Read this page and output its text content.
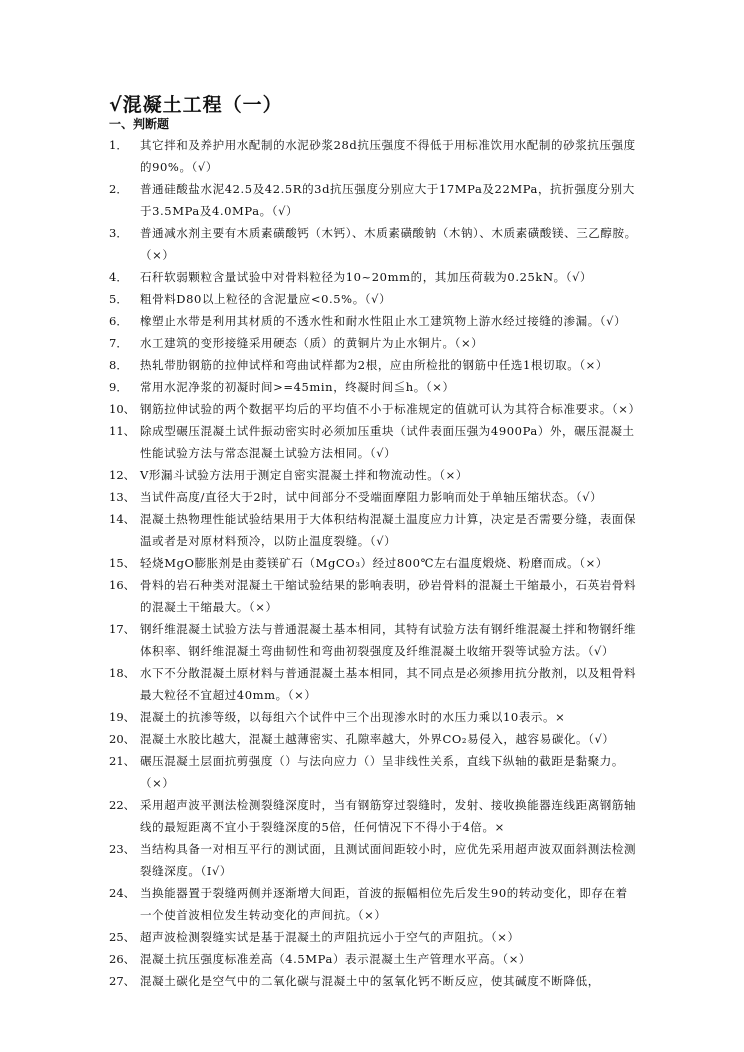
√混凝土工程（一）
一、判断题
1．	其它拌和及养护用水配制的水泥砂浆28d抗压强度不得低于用标准饮用水配制的砂浆抗压强度的90%。（√）
2．	普通硅酸盐水泥42.5及42.5R的3d抗压强度分别应大于17MPa及22MPa，抗折强度分别大于3.5MPa及4.0MPa。（√）
3．	普通减水剂主要有木质素磺酸钙（木钙）、木质素磺酸钠（木钠）、木质素磺酸镁、三乙醇胺。（×）
4．	石秆软弱颗粒含量试验中对骨料粒径为10~20mm的，其加压荷载为0.25kN。（√）
5．	粗骨料D80以上粒径的含泥量应<0.5%。（√）
6．	橡塑止水带是利用其材质的不透水性和耐水性阻止水工建筑物上游水经过接缝的渗漏。（√）
7．	水工建筑的变形接缝采用硬态（质）的黄铜片为止水铜片。（×）
8．	热轧带肋钢筋的拉伸试样和弯曲试样都为2根，应由所检批的钢筋中任选1根切取。（×）
9．	常用水泥净浆的初凝时间>=45min，终凝时间≦h。（×）
10、 钢筋拉伸试验的两个数据平均后的平均值不小于标准规定的值就可认为其符合标准要求。（×）
11、 除成型碾压混凝土试件振动密实时必须加压重块（试件表面压强为4900Pa）外，碾压混凝土性能试验方法与常态混凝土试验方法相同。（√）
12、 V形漏斗试验方法用于测定自密实混凝土拌和物流动性。（×）
13、 当试件高度/直径大于2时，试中间部分不受端面摩阻力影响而处于单轴压缩状态。（√）
14、 混凝土热物理性能试验结果用于大体积结构混凝土温度应力计算，决定是否需要分缝，表面保温或者是对原材料预冷，以防止温度裂缝。（√）
15、 轻烧MgO膨胀剂是由菱镁矿石（MgCO₃）经过800℃左右温度煅烧、粉磨而成。（×）
16、 骨料的岩石种类对混凝土干缩试验结果的影响表明，砂岩骨料的混凝土干缩最小，石英岩骨料的混凝土干缩最大。（×）
17、 钢纤维混凝土试验方法与普通混凝土基本相同，其特有试验方法有钢纤维混凝土拌和物钢纤维体积率、钢纤维混凝土弯曲韧性和弯曲初裂强度及纤维混凝土收缩开裂等试验方法。（√）
18、 水下不分散混凝土原材料与普通混凝土基本相同，其不同点是必须掺用抗分散剂，以及粗骨料最大粒径不宜超过40mm。（×）
19、 混凝土的抗渗等级，以每组六个试件中三个出现渗水时的水压力乘以10表示。×
20、 混凝土水胶比越大，混凝土越薄密实、孔隙率越大，外界CO₂易侵入，越容易碳化。（√）
21、 碾压混凝土层面抗剪强度（）与法向应力（）呈非线性关系，直线下纵轴的截距是黏聚力。（×）
22、 采用超声波平测法检测裂缝深度时，当有钢筋穿过裂缝时，发射、接收换能器连线距离钢筋轴线的最短距离不宜小于裂缝深度的5倍，任何情况下不得小于4倍。×
23、 当结构具备一对相互平行的测试面，且测试面间距较小时，应优先采用超声波双面斜测法检测裂缝深度。（I√）
24、 当换能器置于裂缝两侧并逐渐增大间距，首波的振幅相位先后发生90的转动变化，即存在着一个使首波相位发生转动变化的声间抗。（×）
25、 超声波检测裂缝实试是基于混凝土的声阻抗远小于空气的声阻抗。（×）
26、 混凝土抗压强度标准差高（4.5MPa）表示混凝土生产管理水平高。（×）
27、 混凝土碳化是空气中的二氧化碳与混凝土中的氢氧化钙不断反应，使其碱度不断降低，
